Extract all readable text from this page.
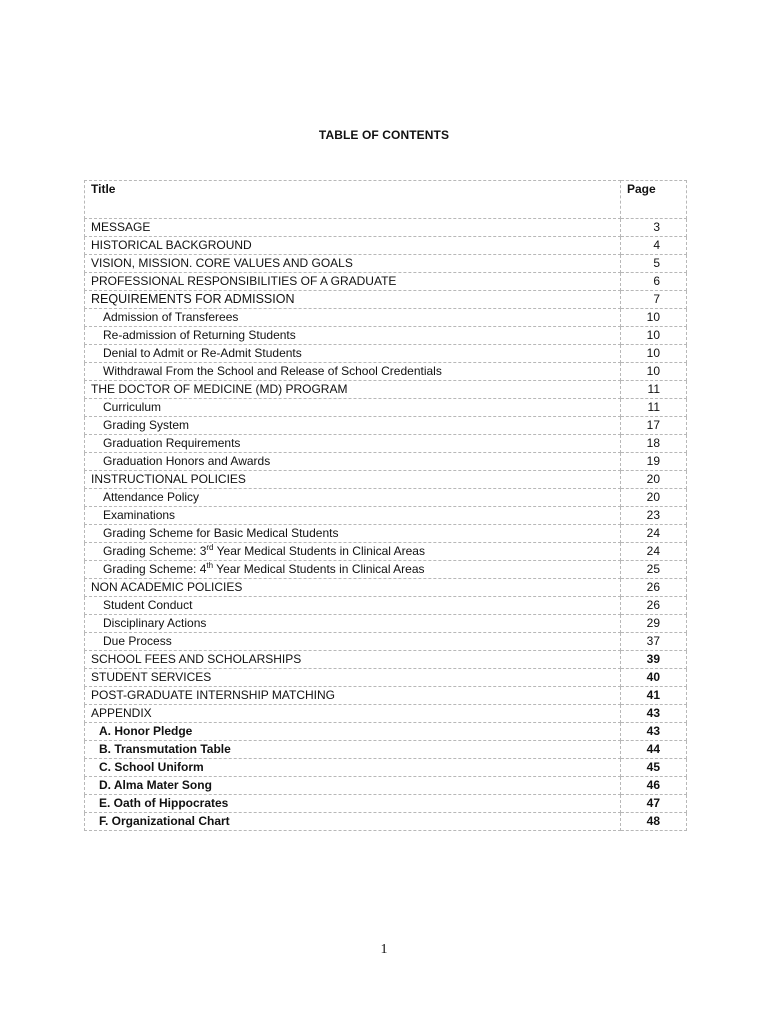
TABLE OF CONTENTS
Title	Page
MESSAGE	3
HISTORICAL BACKGROUND	4
VISION, MISSION. CORE VALUES AND GOALS	5
PROFESSIONAL RESPONSIBILITIES OF A GRADUATE	6
REQUIREMENTS FOR ADMISSION	7
Admission of Transferees	10
Re-admission of Returning Students	10
Denial to Admit or Re-Admit Students	10
Withdrawal From the School and Release of School Credentials	10
THE DOCTOR OF MEDICINE (MD) PROGRAM	11
Curriculum	11
Grading System	17
Graduation Requirements	18
Graduation Honors and Awards	19
INSTRUCTIONAL POLICIES	20
Attendance Policy	20
Examinations	23
Grading Scheme for Basic Medical Students	24
Grading Scheme: 3rd Year Medical Students in Clinical Areas	24
Grading Scheme: 4th Year Medical Students in Clinical Areas	25
NON ACADEMIC POLICIES	26
Student Conduct	26
Disciplinary Actions	29
Due Process	37
SCHOOL FEES AND SCHOLARSHIPS	39
STUDENT SERVICES	40
POST-GRADUATE INTERNSHIP MATCHING	41
APPENDIX	43
A. Honor Pledge	43
B. Transmutation Table	44
C. School Uniform	45
D. Alma Mater Song	46
E. Oath of Hippocrates	47
F. Organizational Chart	48
1
